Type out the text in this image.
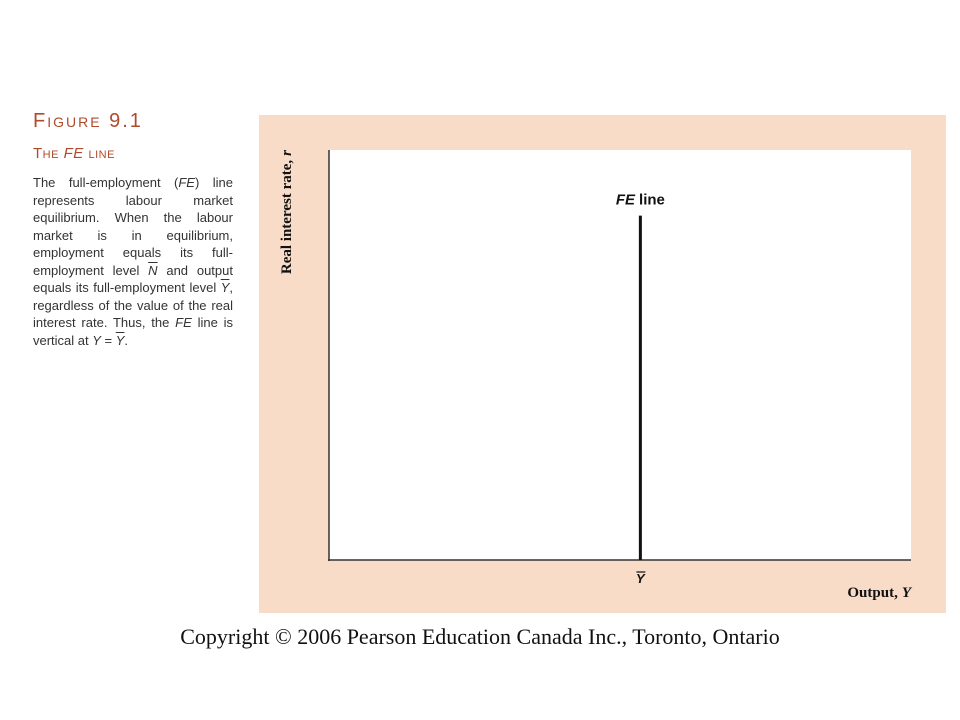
Figure 9.1
The FE line

The full-employment (FE) line represents labour market equilibrium. When the labour market is in equilibrium, employment equals its full-employment level $\overline{N}$ and output equals its full-employment level $\overline{Y}$, regardless of the value of the real interest rate. Thus, the FE line is vertical at $Y = \overline{Y}$.

FE line
Y
Output, Y
Real interest rate,r

Copyright © 2006 Pearson Education Canada Inc., Toronto, Ontario
